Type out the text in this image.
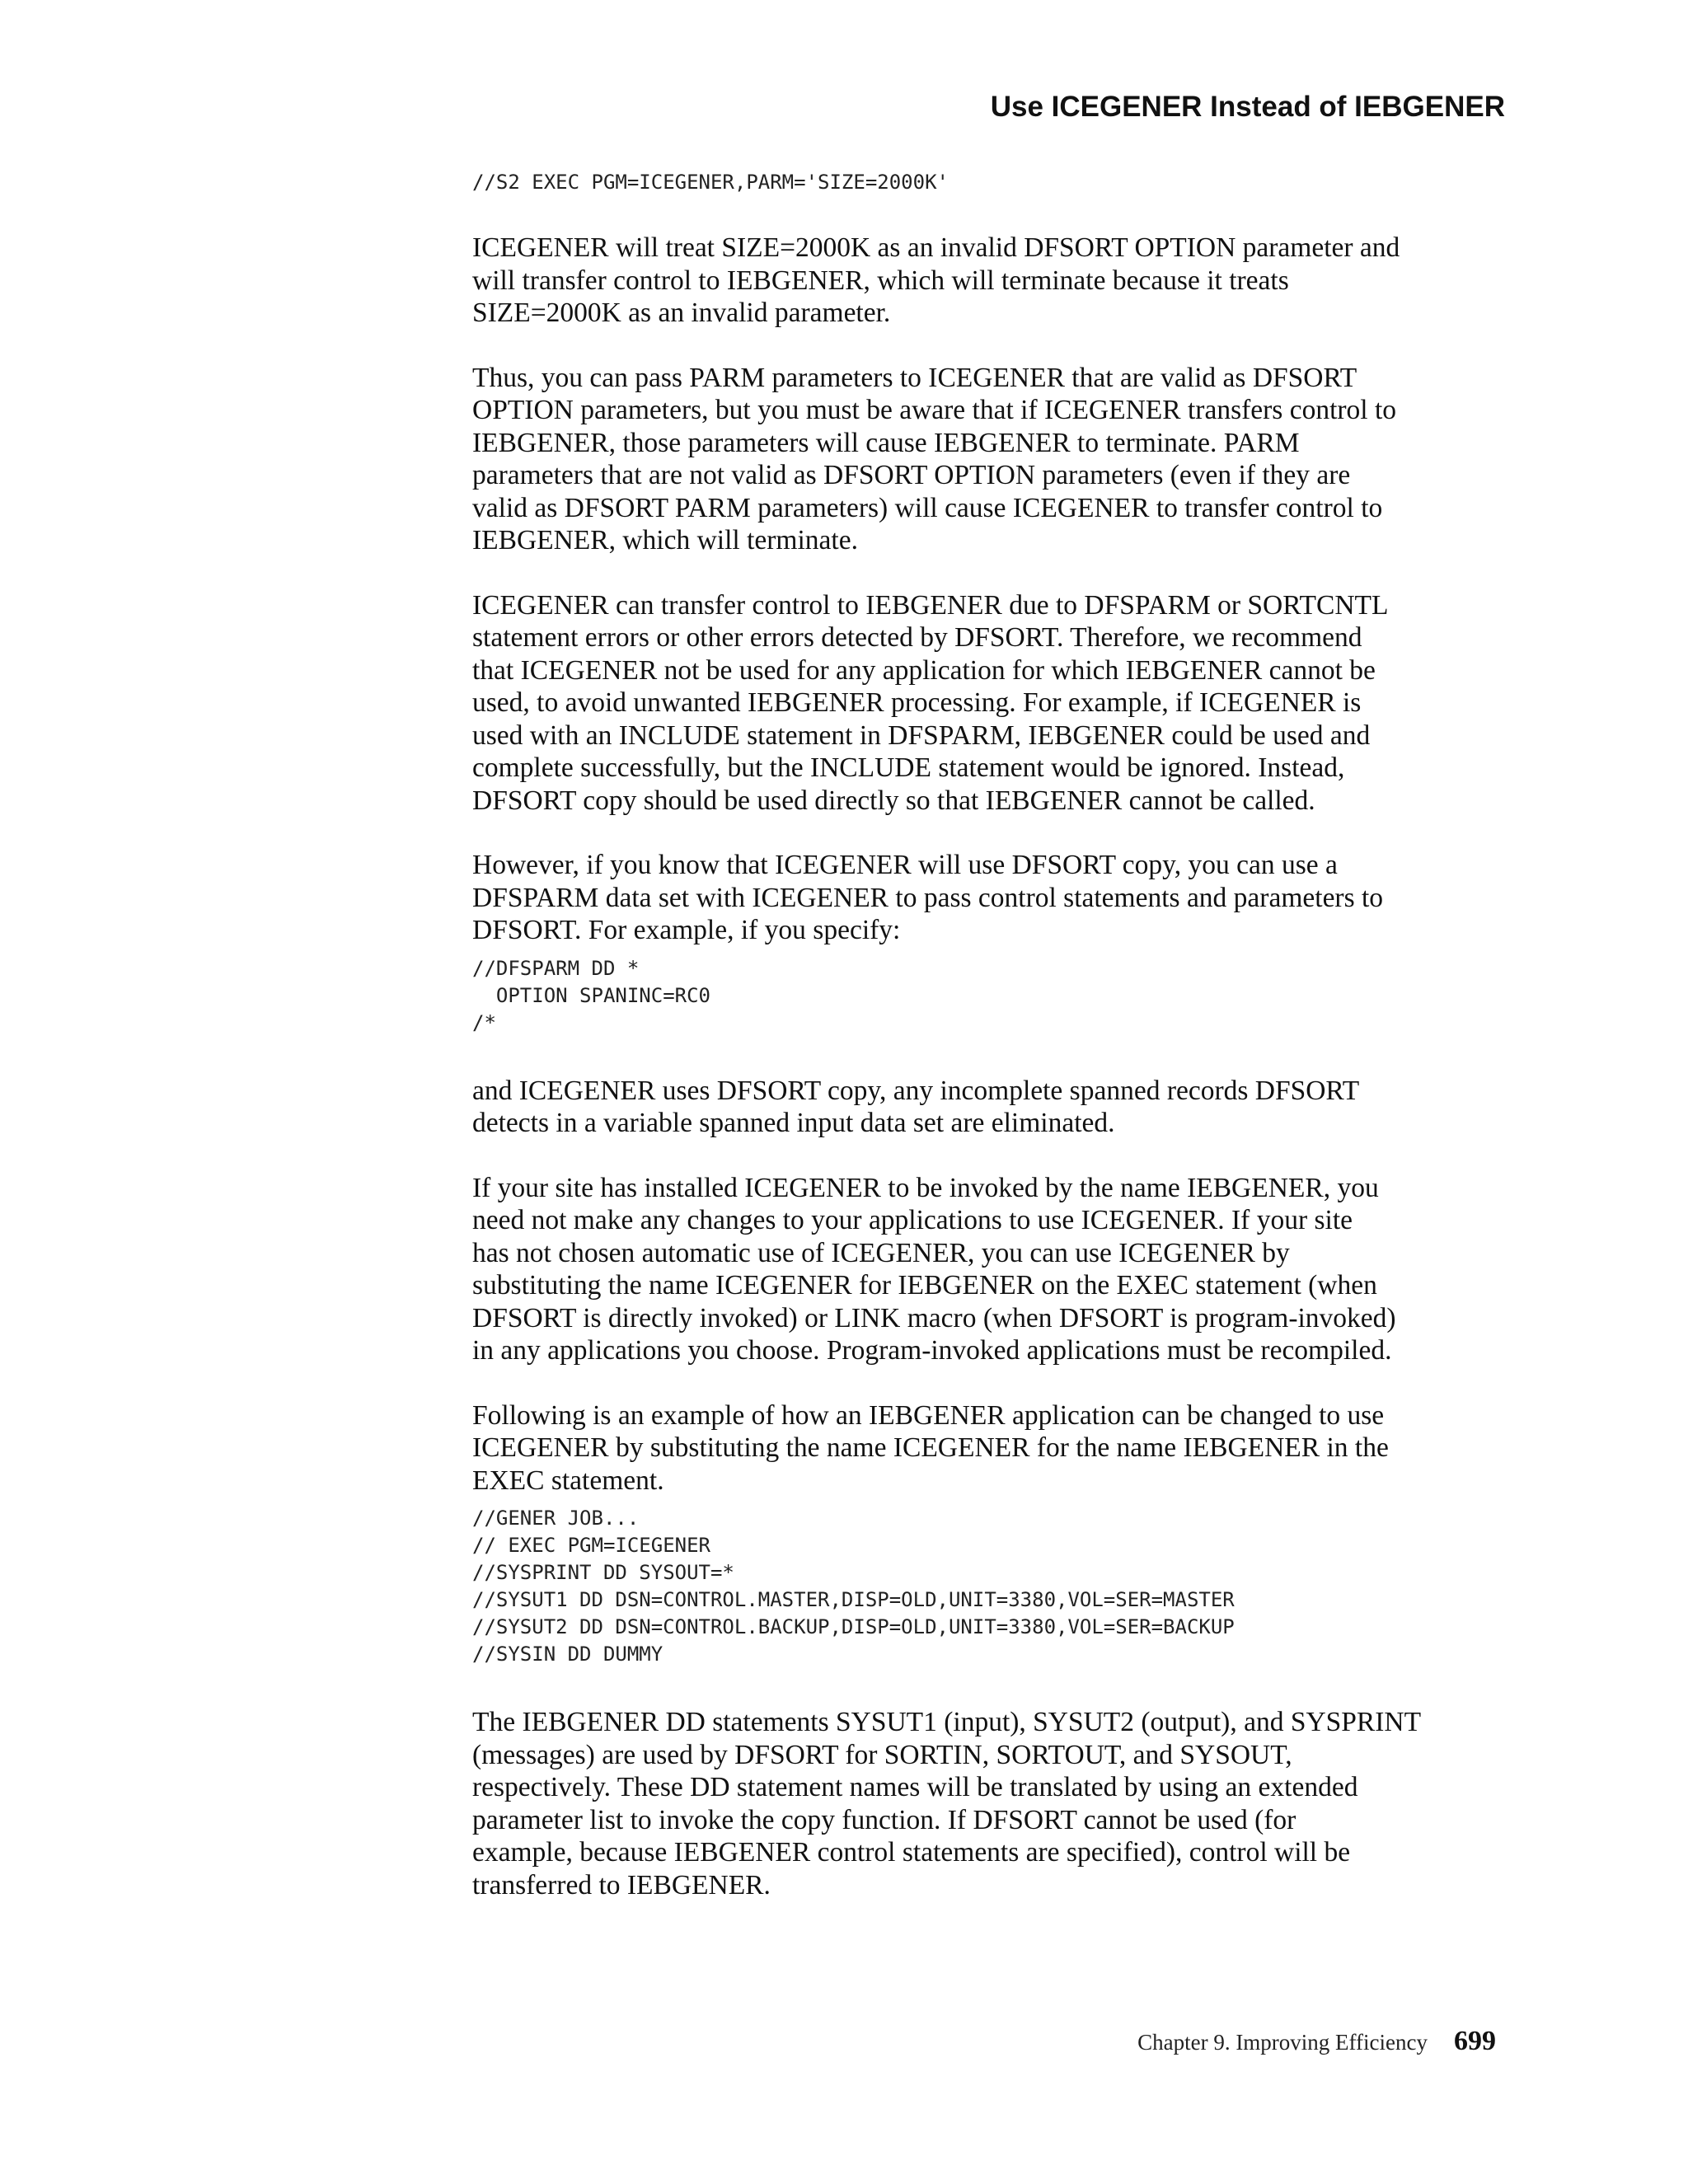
Use ICEGENER Instead of IEBGENER
//S2 EXEC PGM=ICEGENER,PARM='SIZE=2000K'
ICEGENER will treat SIZE=2000K as an invalid DFSORT OPTION parameter and
will transfer control to IEBGENER, which will terminate because it treats
SIZE=2000K as an invalid parameter.
Thus, you can pass PARM parameters to ICEGENER that are valid as DFSORT
OPTION parameters, but you must be aware that if ICEGENER transfers control to
IEBGENER, those parameters will cause IEBGENER to terminate. PARM
parameters that are not valid as DFSORT OPTION parameters (even if they are
valid as DFSORT PARM parameters) will cause ICEGENER to transfer control to
IEBGENER, which will terminate.
ICEGENER can transfer control to IEBGENER due to DFSPARM or SORTCNTL
statement errors or other errors detected by DFSORT. Therefore, we recommend
that ICEGENER not be used for any application for which IEBGENER cannot be
used, to avoid unwanted IEBGENER processing. For example, if ICEGENER is
used with an INCLUDE statement in DFSPARM, IEBGENER could be used and
complete successfully, but the INCLUDE statement would be ignored. Instead,
DFSORT copy should be used directly so that IEBGENER cannot be called.
However, if you know that ICEGENER will use DFSORT copy, you can use a
DFSPARM data set with ICEGENER to pass control statements and parameters to
DFSORT. For example, if you specify:
//DFSPARM DD *
OPTION SPANINC=RC0
/*
and ICEGENER uses DFSORT copy, any incomplete spanned records DFSORT
detects in a variable spanned input data set are eliminated.
If your site has installed ICEGENER to be invoked by the name IEBGENER, you
need not make any changes to your applications to use ICEGENER. If your site
has not chosen automatic use of ICEGENER, you can use ICEGENER by
substituting the name ICEGENER for IEBGENER on the EXEC statement (when
DFSORT is directly invoked) or LINK macro (when DFSORT is program-invoked)
in any applications you choose. Program-invoked applications must be recompiled.
Following is an example of how an IEBGENER application can be changed to use
ICEGENER by substituting the name ICEGENER for the name IEBGENER in the
EXEC statement.
//GENER JOB...
// EXEC PGM=ICEGENER
//SYSPRINT DD SYSOUT=*
//SYSUT1 DD DSN=CONTROL.MASTER,DISP=OLD,UNIT=3380,VOL=SER=MASTER
//SYSUT2 DD DSN=CONTROL.BACKUP,DISP=OLD,UNIT=3380,VOL=SER=BACKUP
//SYSIN DD DUMMY
The IEBGENER DD statements SYSUT1 (input), SYSUT2 (output), and SYSPRINT
(messages) are used by DFSORT for SORTIN, SORTOUT, and SYSOUT,
respectively. These DD statement names will be translated by using an extended
parameter list to invoke the copy function. If DFSORT cannot be used (for
example, because IEBGENER control statements are specified), control will be
transferred to IEBGENER.
Chapter 9. Improving Efficiency 699
